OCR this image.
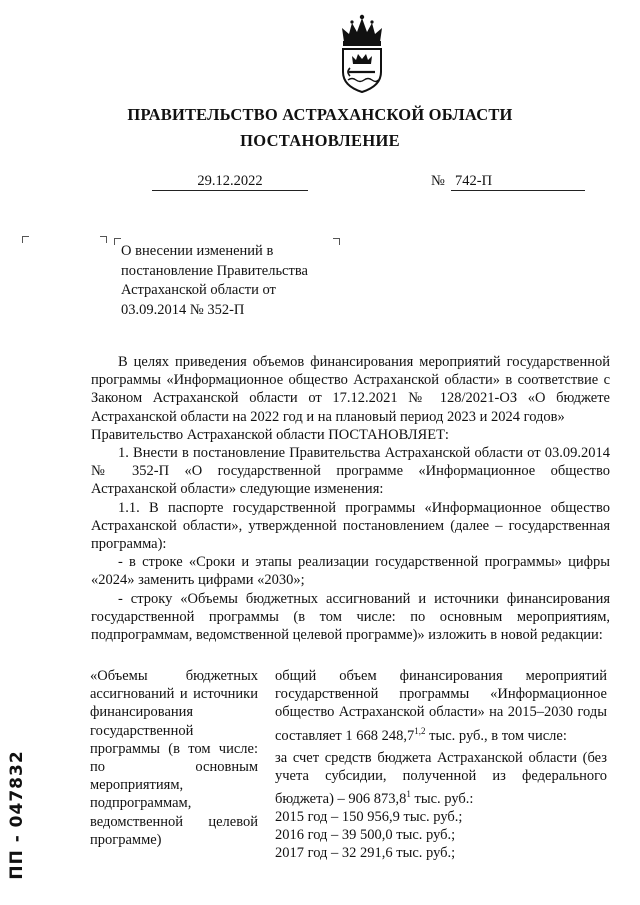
ПРАВИТЕЛЬСТВО АСТРАХАНСКОЙ ОБЛАСТИ
ПОСТАНОВЛЕНИЕ
29.12.2022	№ 742-П
О внесении изменений в постановление Правительства Астраханской области от 03.09.2014 № 352-П

В целях приведения объемов финансирования мероприятий государственной программы «Информационное общество Астраханской области» в соответствие с Законом Астраханской области от 17.12.2021 № 128/2021-ОЗ «О бюджете Астраханской области на 2022 год и на плановый период 2023 и 2024 годов»

Правительство Астраханской области ПОСТАНОВЛЯЕТ:

1. Внести в постановление Правительства Астраханской области от 03.09.2014 № 352-П «О государственной программе «Информационное общество Астраханской области» следующие изменения:

1.1. В паспорте государственной программы «Информационное общество Астраханской области», утвержденной постановлением (далее – государственная программа):

- в строке «Сроки и этапы реализации государственной программы» цифры «2024» заменить цифрами «2030»;

- строку «Объемы бюджетных ассигнований и источники финансирования государственной программы (в том числе: по основным мероприятиям, подпрограммам, ведомственной целевой программе)» изложить в новой редакции:

«Объемы бюджетных ассигнований и источники финансирования государственной программы (в том числе: по основным мероприятиям, подпрограммам, ведомственной целевой программе)

общий объем финансирования мероприятий государственной программы «Информационное общество Астраханской области» на 2015–2030 годы составляет 1 668 248,7$^{1,2}$ тыс. руб., в том числе:

за счет средств бюджета Астраханской области (без учета субсидии, полученной из федерального бюджета) – 906 873,8$^1$ тыс. руб.:

2015 год – 150 956,9 тыс. руб.;

2016 год – 39 500,0 тыс. руб.;

2017 год – 32 291,6 тыс. руб.;

ПП - 047832
